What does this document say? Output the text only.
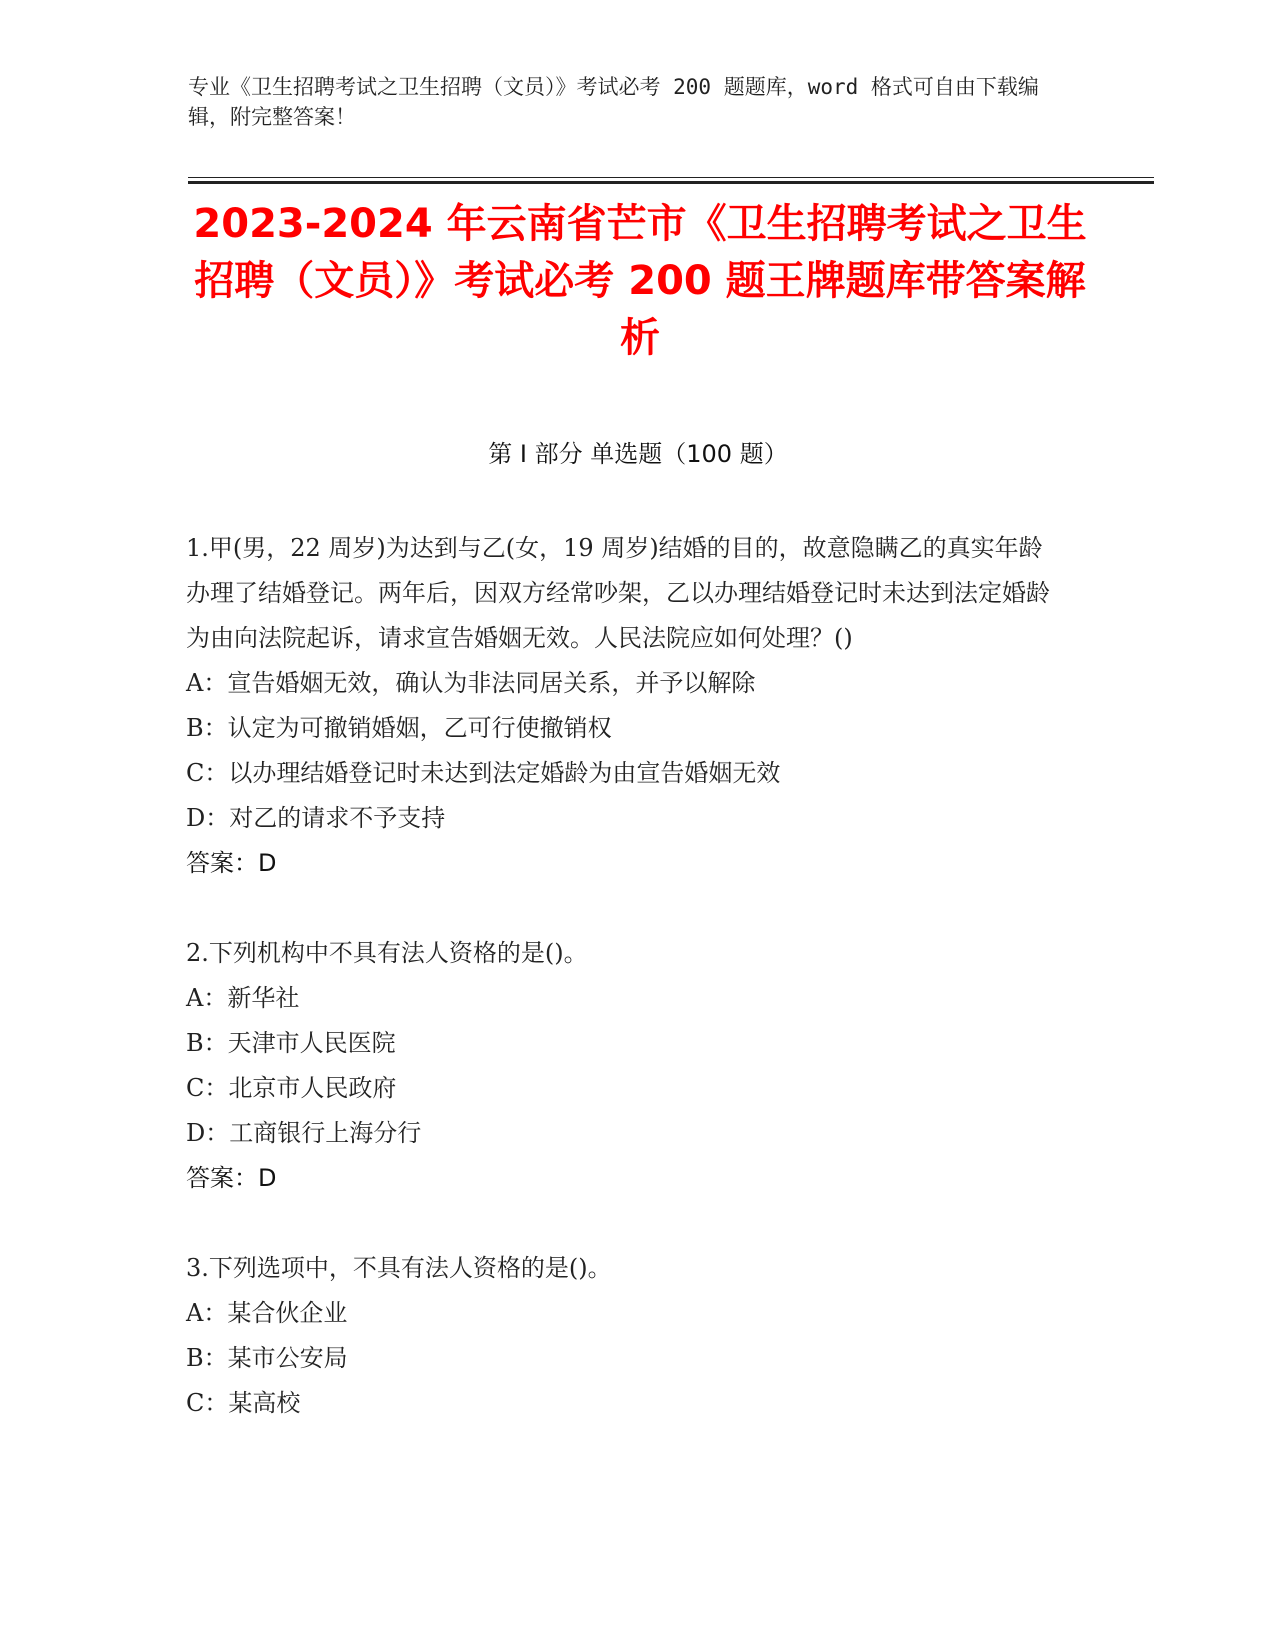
专业《卫生招聘考试之卫生招聘（文员）》考试必考 200 题题库，word 格式可自由下载编辑，附完整答案！
2023-2024 年云南省芒市《卫生招聘考试之卫生招聘（文员）》考试必考 200 题王牌题库带答案解析
第 I 部分 单选题（100 题）

1.甲(男，22 周岁)为达到与乙(女，19 周岁)结婚的目的，故意隐瞒乙的真实年龄办理了结婚登记。两年后，因双方经常吵架，乙以办理结婚登记时未达到法定婚龄为由向法院起诉，请求宣告婚姻无效。人民法院应如何处理？()

A：宣告婚姻无效，确认为非法同居关系，并予以解除

B：认定为可撤销婚姻，乙可行使撤销权

C：以办理结婚登记时未达到法定婚龄为由宣告婚姻无效

D：对乙的请求不予支持

答案：D

2.下列机构中不具有法人资格的是()。

A：新华社

B：天津市人民医院

C：北京市人民政府

D：工商银行上海分行

答案：D

3.下列选项中，不具有法人资格的是()。

A：某合伙企业

B：某市公安局

C：某高校
